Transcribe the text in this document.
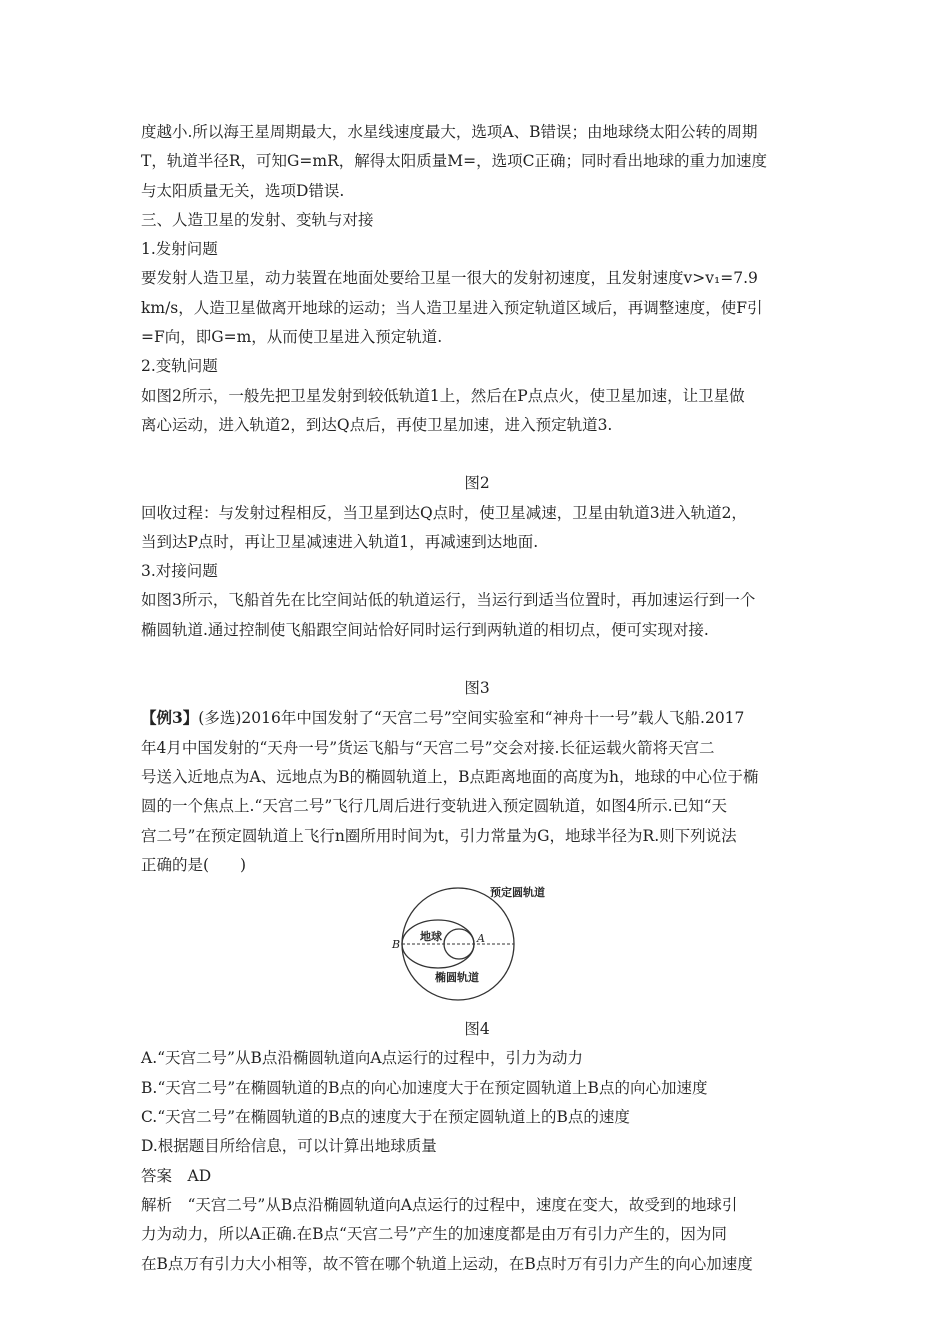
度越小.所以海王星周期最大，水星线速度最大，选项A、B错误；由地球绕太阳公转的周期

T，轨道半径R，可知G=mR，解得太阳质量M=，选项C正确；同时看出地球的重力加速度

与太阳质量无关，选项D错误.

三、人造卫星的发射、变轨与对接

1.发射问题

要发射人造卫星，动力装置在地面处要给卫星一很大的发射初速度，且发射速度v>v₁=7.9

km/s，人造卫星做离开地球的运动；当人造卫星进入预定轨道区域后，再调整速度，使F引

=F向，即G=m，从而使卫星进入预定轨道.

2.变轨问题

如图2所示，一般先把卫星发射到较低轨道1上，然后在P点点火，使卫星加速，让卫星做

离心运动，进入轨道2，到达Q点后，再使卫星加速，进入预定轨道3.

图2

回收过程：与发射过程相反，当卫星到达Q点时，使卫星减速，卫星由轨道3进入轨道2，

当到达P点时，再让卫星减速进入轨道1，再减速到达地面.

3.对接问题

如图3所示，飞船首先在比空间站低的轨道运行，当运行到适当位置时，再加速运行到一个

椭圆轨道.通过控制使飞船跟空间站恰好同时运行到两轨道的相切点，便可实现对接.

图3

【例3】(多选)2016年中国发射了“天宫二号”空间实验室和“神舟十一号”载人飞船.2017

年4月中国发射的“天舟一号”货运飞船与“天宫二号”交会对接.长征运载火箭将天宫二

号送入近地点为A、远地点为B的椭圆轨道上，B点距离地面的高度为h，地球的中心位于椭

圆的一个焦点上.“天宫二号”飞行几周后进行变轨进入预定圆轨道，如图4所示.已知“天

宫二号”在预定圆轨道上飞行n圈所用时间为t，引力常量为G，地球半径为R.则下列说法

正确的是(　　)

预定圆轨道
地球
椭圆轨道
A
B

图4

A.“天宫二号”从B点沿椭圆轨道向A点运行的过程中，引力为动力

B.“天宫二号”在椭圆轨道的B点的向心加速度大于在预定圆轨道上B点的向心加速度

C.“天宫二号”在椭圆轨道的B点的速度大于在预定圆轨道上的B点的速度

D.根据题目所给信息，可以计算出地球质量

答案　AD

解析　“天宫二号”从B点沿椭圆轨道向A点运行的过程中，速度在变大，故受到的地球引

力为动力，所以A正确.在B点“天宫二号”产生的加速度都是由万有引力产生的，因为同

在B点万有引力大小相等，故不管在哪个轨道上运动，在B点时万有引力产生的向心加速度
